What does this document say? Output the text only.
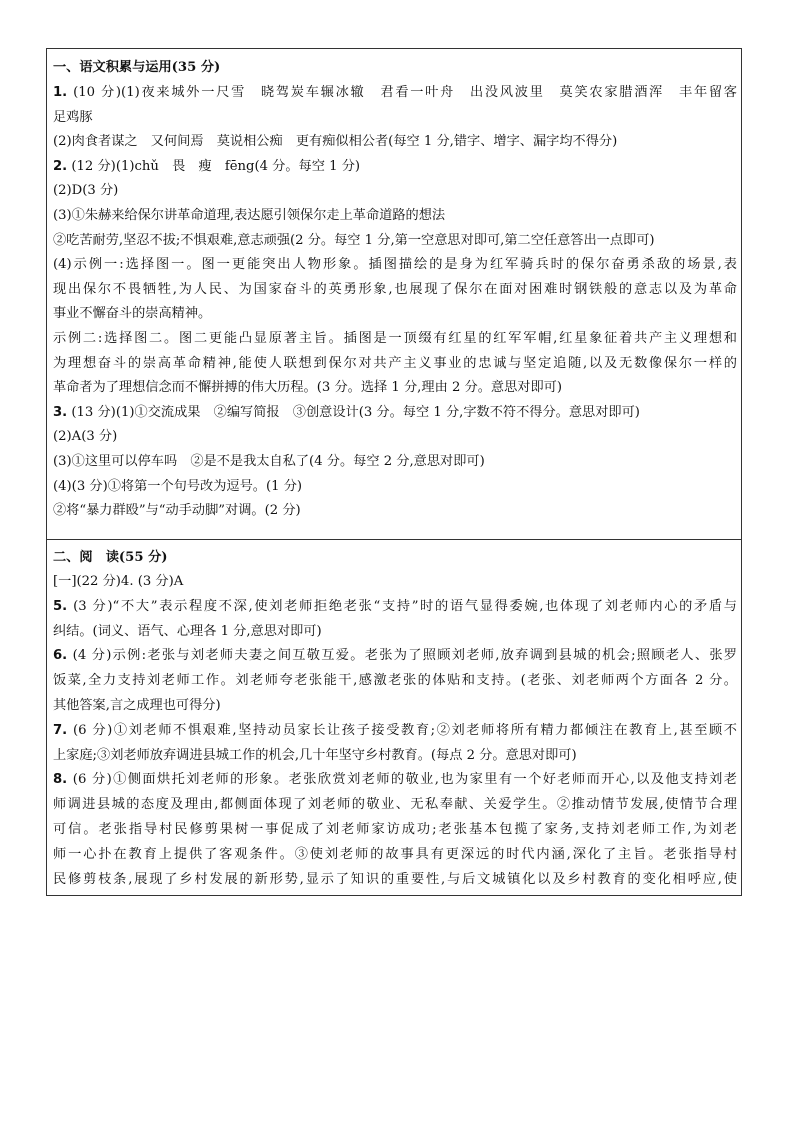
一、语文积累与运用(35 分)
1. (10 分)(1)夜来城外一尺雪　晓驾炭车辗冰辙　君看一叶舟　出没风波里　莫笑农家腊酒浑　丰年留客
足鸡豚
(2)肉食者谋之　又何间焉　莫说相公痴　更有痴似相公者(每空 1 分,错字、增字、漏字均不得分)
2. (12 分)(1)chǔ　畏　瘦　fēng(4 分。每空 1 分)
(2)D(3 分)
(3)①朱赫来给保尔讲革命道理,表达愿引领保尔走上革命道路的想法
②吃苦耐劳,坚忍不拔;不惧艰难,意志顽强(2 分。每空 1 分,第一空意思对即可,第二空任意答出一点即可)
(4)示例一:选择图一。图一更能突出人物形象。插图描绘的是身为红军骑兵时的保尔奋勇杀敌的场景,表
现出保尔不畏牺牲,为人民、为国家奋斗的英勇形象,也展现了保尔在面对困难时钢铁般的意志以及为革命
事业不懈奋斗的崇高精神。
示例二:选择图二。图二更能凸显原著主旨。插图是一顶缀有红星的红军军帽,红星象征着共产主义理想和
为理想奋斗的崇高革命精神,能使人联想到保尔对共产主义事业的忠诚与坚定追随,以及无数像保尔一样的
革命者为了理想信念而不懈拼搏的伟大历程。(3 分。选择 1 分,理由 2 分。意思对即可)
3. (13 分)(1)①交流成果　②编写简报　③创意设计(3 分。每空 1 分,字数不符不得分。意思对即可)
(2)A(3 分)
(3)①这里可以停车吗　②是不是我太自私了(4 分。每空 2 分,意思对即可)
(4)(3 分)①将第一个句号改为逗号。(1 分)
②将“暴力群殴”与“动手动脚”对调。(2 分)
二、阅　读(55 分)
[一](22 分)4. (3 分)A
5. (3 分)“不大”表示程度不深,使刘老师拒绝老张“支持”时的语气显得委婉,也体现了刘老师内心的矛盾与
纠结。(词义、语气、心理各 1 分,意思对即可)
6. (4 分)示例:老张与刘老师夫妻之间互敬互爱。老张为了照顾刘老师,放弃调到县城的机会;照顾老人、张罗
饭菜,全力支持刘老师工作。刘老师夸老张能干,感激老张的体贴和支持。(老张、刘老师两个方面各 2 分。
其他答案,言之成理也可得分)
7. (6 分)①刘老师不惧艰难,坚持动员家长让孩子接受教育;②刘老师将所有精力都倾注在教育上,甚至顾不
上家庭;③刘老师放弃调进县城工作的机会,几十年坚守乡村教育。(每点 2 分。意思对即可)
8. (6 分)①侧面烘托刘老师的形象。老张欣赏刘老师的敬业,也为家里有一个好老师而开心,以及他支持刘老
师调进县城的态度及理由,都侧面体现了刘老师的敬业、无私奉献、关爱学生。②推动情节发展,使情节合理
可信。老张指导村民修剪果树一事促成了刘老师家访成功;老张基本包揽了家务,支持刘老师工作,为刘老
师一心扑在教育上提供了客观条件。③使刘老师的故事具有更深远的时代内涵,深化了主旨。老张指导村
民修剪枝条,展现了乡村发展的新形势,显示了知识的重要性,与后文城镇化以及乡村教育的变化相呼应,使
